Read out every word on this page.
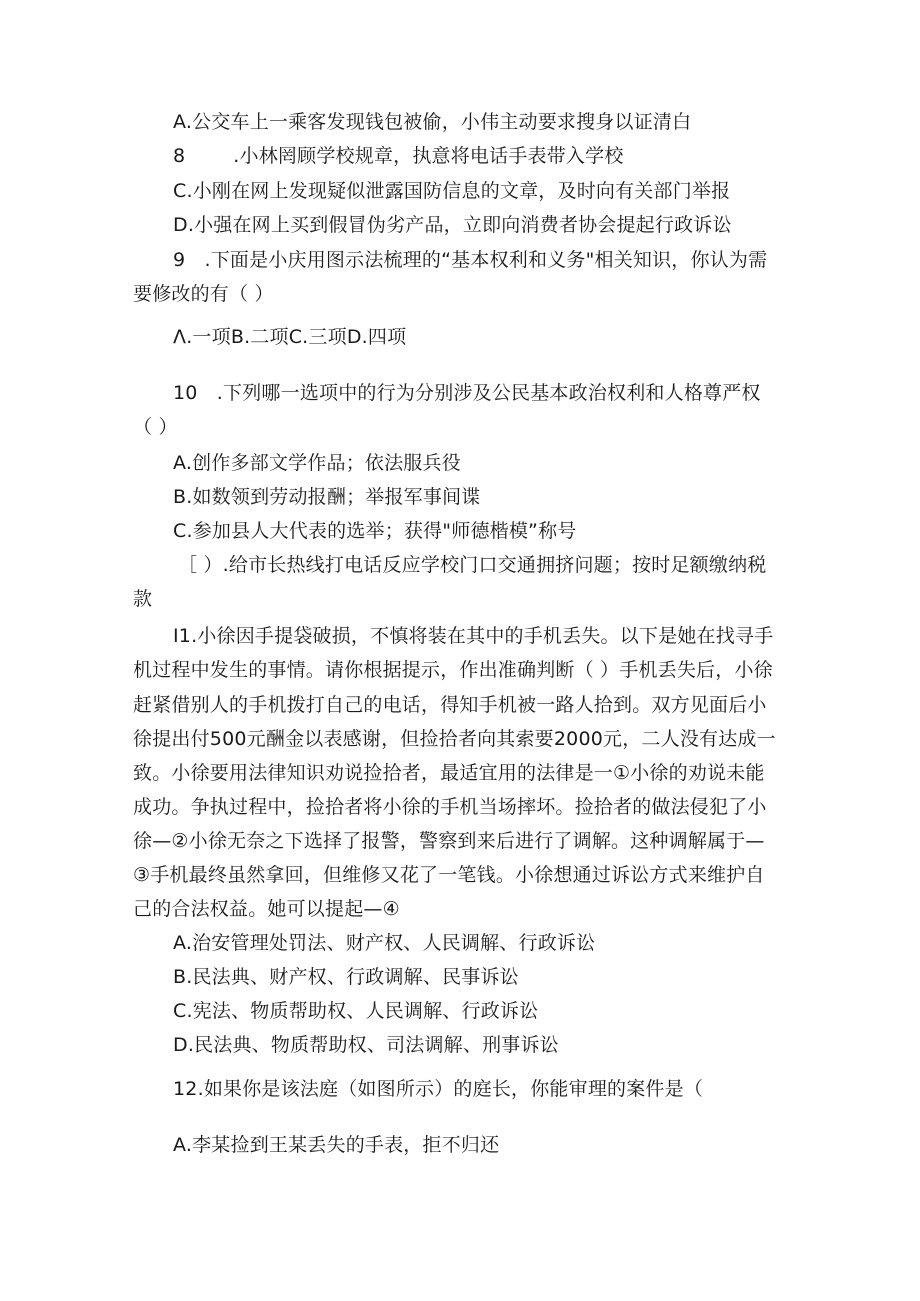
A.公交车上一乘客发现钱包被偷，小伟主动要求搜身以证清白
8	.小林罔顾学校规章，执意将电话手表带入学校
C.小刚在网上发现疑似泄露国防信息的文章，及时向有关部门举报
D.小强在网上买到假冒伪劣产品，立即向消费者协会提起行政诉讼
9　.下面是小庆用图示法梳理的“基本权利和义务"相关知识，你认为需
要修改的有（ ）
Λ.一项B.二项C.三项D.四项
10　.下列哪一选项中的行为分别涉及公民基本政治权利和人格尊严权
（ ）
A.创作多部文学作品；依法服兵役
B.如数领到劳动报酬；举报军事间谍
C.参加县人大代表的选举；获得"师德楷模”称号
［ ）.给市长热线打电话反应学校门口交通拥挤问题；按时足额缴纳税
款
I1.小徐因手提袋破损，不慎将装在其中的手机丢失。以下是她在找寻手
机过程中发生的事情。请你根据提示，作出准确判断（ ）手机丢失后，小徐
赶紧借别人的手机拨打自己的电话，得知手机被一路人拾到。双方见面后小
徐提出付500元酬金以表感谢，但捡拾者向其索要2000元，二人没有达成一
致。小徐要用法律知识劝说捡拾者，最适宜用的法律是一①小徐的劝说未能
成功。争执过程中，捡拾者将小徐的手机当场摔坏。捡拾者的做法侵犯了小
徐—②小徐无奈之下选择了报警，警察到来后进行了调解。这种调解属于—
③手机最终虽然拿回，但维修又花了一笔钱。小徐想通过诉讼方式来维护自
己的合法权益。她可以提起—④
A.治安管理处罚法、财产权、人民调解、行政诉讼
B.民法典、财产权、行政调解、民事诉讼
C.宪法、物质帮助权、人民调解、行政诉讼
D.民法典、物质帮助权、司法调解、刑事诉讼
12.如果你是该法庭（如图所示）的庭长，你能审理的案件是（
A.李某捡到王某丢失的手表，拒不归还
